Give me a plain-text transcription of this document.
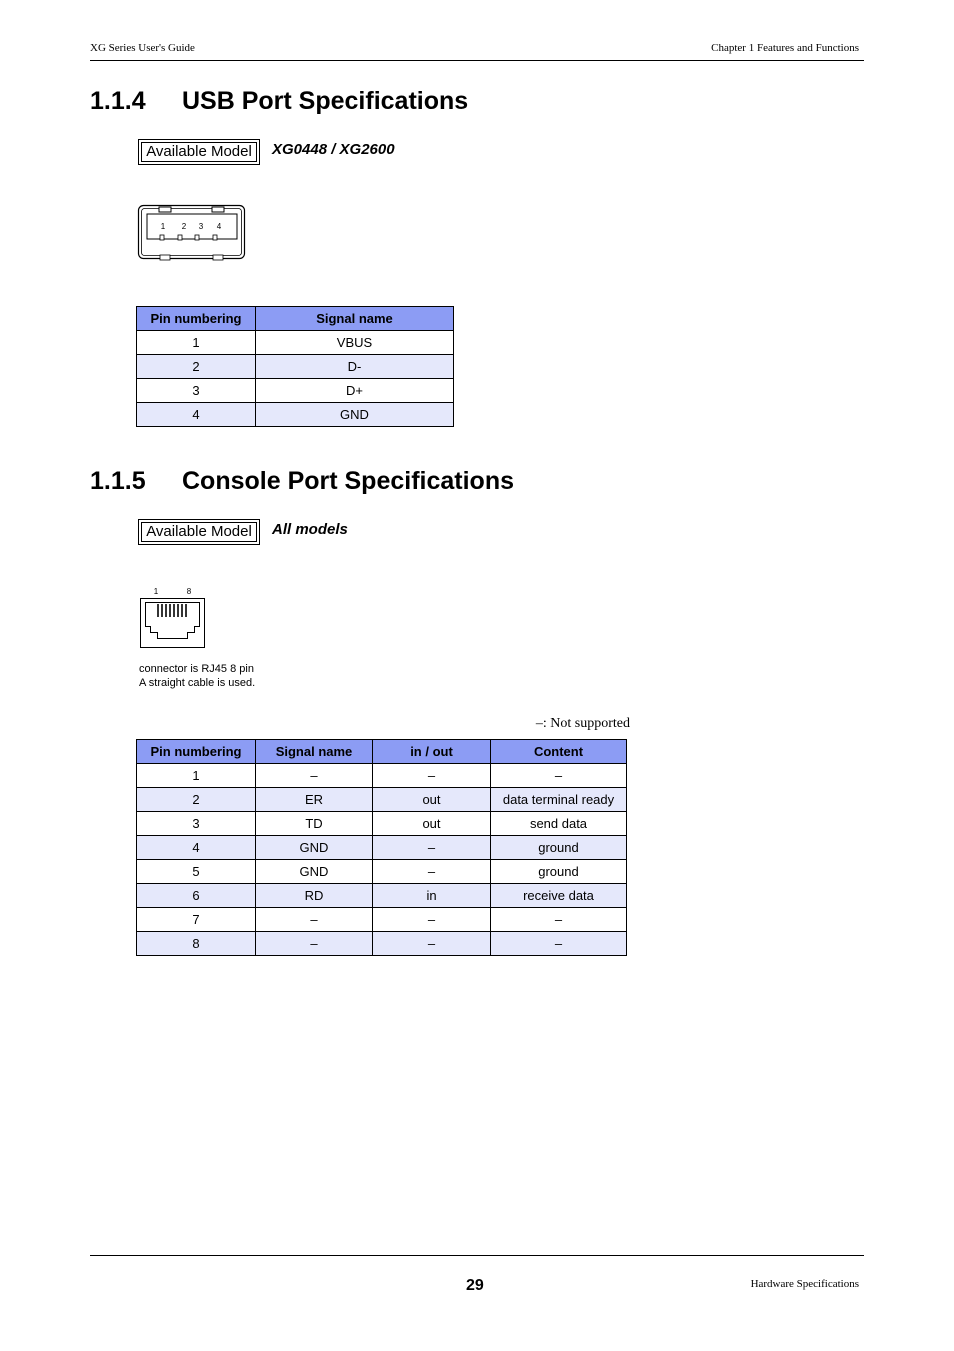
XG Series User's Guide	Chapter 1 Features and Functions
1.1.4 USB Port Specifications
Available Model	XG0448 / XG2600
1 2 3 4
Pin numbering	Signal name
1	VBUS
2	D-
3	D+
4	GND
1.1.5 Console Port Specifications
Available Model	All models
1	8
connector is RJ45 8 pin
A straight cable is used.
–: Not supported
Pin numbering	Signal name	in / out	Content
1	–	–	–
2	ER	out	data terminal ready
3	TD	out	send data
4	GND	–	ground
5	GND	–	ground
6	RD	in	receive data
7	–	–	–
8	–	–	–
29	Hardware Specifications
